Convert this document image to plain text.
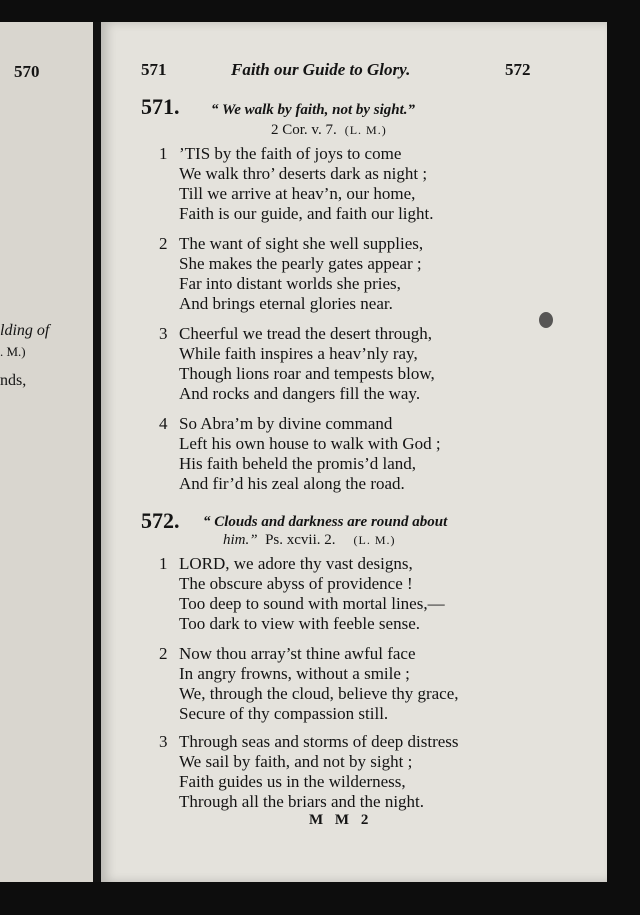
570
lding of
. M.)
nds,
571	Faith our Guide to Glory.	572
571. “ We walk by faith, not by sight.”
2 Cor. v. 7. (L. M.)
1 ’TIS by the faith of joys to come
We walk thro’ deserts dark as night ;
Till we arrive at heav’n, our home,
Faith is our guide, and faith our light.
2 The want of sight she well supplies,
She makes the pearly gates appear ;
Far into distant worlds she pries,
And brings eternal glories near.
3 Cheerful we tread the desert through,
While faith inspires a heav’nly ray,
Though lions roar and tempests blow,
And rocks and dangers fill the way.
4 So Abra’m by divine command
Left his own house to walk with God ;
His faith beheld the promis’d land,
And fir’d his zeal along the road.
572. “ Clouds and darkness are round about
him.” Ps. xcvii. 2. (L. M.)
1 LORD, we adore thy vast designs,
The obscure abyss of providence !
Too deep to sound with mortal lines,—
Too dark to view with feeble sense.
2 Now thou array’st thine awful face
In angry frowns, without a smile ;
We, through the cloud, believe thy grace,
Secure of thy compassion still.
3 Through seas and storms of deep distress
We sail by faith, and not by sight ;
Faith guides us in the wilderness,
Through all the briars and the night.
M M 2
